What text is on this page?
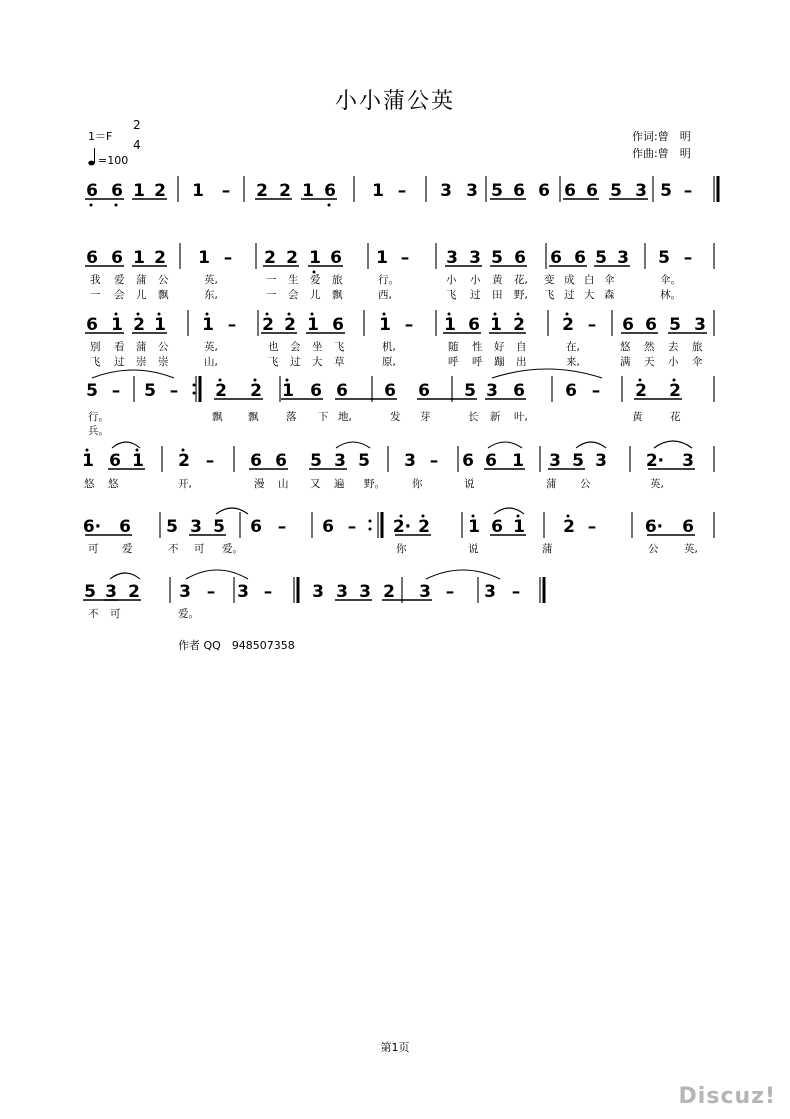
小小蒲公英
1＝F
2
4
=100
作词:曾　明
作曲:曾　明
6 6 1 2 1 – 2 2 1 6 1 – 3 3 5 6 6 6 6 5 3 5 –
6 6 1 2 1 – 2 2 1 6 1 – 3 3 5 6 6 6 5 3 5 –
我 爱 蒲 公	英,	一 生 爱 旅	行。	小 小 黄 花, 变 成 白 伞	伞。
一 会 儿 飘	东,	一 会 儿 飘	西,	飞 过 田 野, 飞 过 大 森	林。
6 1 2 1 1 – 2 2 1 6 1 – 1 6 1 2 2 – 6 6 5 3
别 看 蒲 公	英,	也 会 坐 飞	机,	随 性 好 自	在,	悠 然 去 旅
飞 过 崇 崇	山,	飞 过 大 草	原,	呼 呼 蹦 出	来,	满 天 小 伞
5 – 5 – 2 2 1 6 6 6 6 5 3 6 6 – 2 2
行。	飘 飘	落 下 地,	发 芽	长 新 叶,	黄	花
兵。
1 6 1 2 – 6 6 5 3 5 3 – 6 6 1 3 5 3 2· 3
悠 悠	开,	漫 山 又 遍 野。	你	说	蒲 公	英,
6· 6 5 3 5 6 – 6 – 2· 2 1 6 1 2 –	6· 6
可 爱	不 可 爱。	你	说	蒲	公 英,
5 3 2 3 – 3 – 3 3 3 2 3 – 3 –
不 可	爱。
作者 QQ　948507358
第1页
Discuz!
